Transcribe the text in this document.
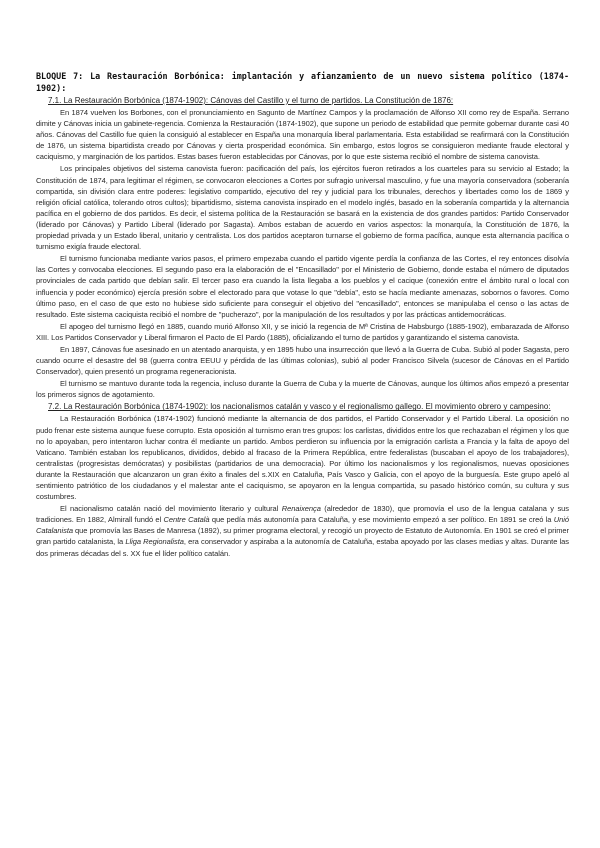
BLOQUE 7: La Restauración Borbónica: implantación y afianzamiento de un nuevo sistema político (1874-1902):

7.1. La Restauración Borbónica (1874-1902): Cánovas del Castillo y el turno de partidos. La Constitución de 1876:

En 1874 vuelven los Borbones, con el pronunciamiento en Sagunto de Martínez Campos y la proclamación de Alfonso XII como rey de España. Serrano dimite y Cánovas inicia un gabinete-regencia. Comienza la Restauración (1874-1902), que supone un periodo de estabilidad que permite gobernar durante casi 40 años. Cánovas del Castillo fue quien la consiguió al establecer en España una monarquía liberal parlamentaria. Esta estabilidad se reafirmará con la Constitución de 1876, un sistema bipartidista creado por Cánovas y cierta prosperidad económica. Sin embargo, estos logros se consiguieron mediante fraude electoral y caciquismo, y marginación de los partidos. Estas bases fueron establecidas por Cánovas, por lo que este sistema recibió el nombre de sistema canovista.

Los principales objetivos del sistema canovista fueron: pacificación del país, los ejércitos fueron retirados a los cuarteles para su servicio al Estado; la Constitución de 1874, para legitimar el régimen, se convocaron elecciones a Cortes por sufragio universal masculino, y fue una mayoría conservadora (soberanía compartida, sin división clara entre poderes: legislativo compartido, ejecutivo del rey y judicial para los tribunales, derechos y libertades como los de 1869 y religión oficial católica, tolerando otros cultos); bipartidismo, sistema canovista inspirado en el modelo inglés, basado en la soberanía compartida y la alternancia pacífica en el gobierno de dos partidos. Es decir, el sistema política de la Restauración se basará en la existencia de dos grandes partidos: Partido Conservador (liderado por Cánovas) y Partido Liberal (liderado por Sagasta). Ambos estaban de acuerdo en varios aspectos: la monarquía, la Constitución de 1876, la propiedad privada y un Estado liberal, unitario y centralista. Los dos partidos aceptaron turnarse el gobierno de forma pacífica, aunque esta alternancia pacífica o turnismo exigía fraude electoral.

El turnismo funcionaba mediante varios pasos, el primero empezaba cuando el partido vigente perdía la confianza de las Cortes, el rey entonces disolvía las Cortes y convocaba elecciones. El segundo paso era la elaboración de el "Encasillado" por el Ministerio de Gobierno, donde estaba el número de diputados provinciales de cada partido que debían salir. El tercer paso era cuando la lista llegaba a los pueblos y el cacique (conexión entre el ámbito rural o local con influencia y poder económico) ejercía presión sobre el electorado para que votase lo que "debía", esto se hacía mediante amenazas, sobornos o favores. Como último paso, en el caso de que esto no hubiese sido suficiente para conseguir el objetivo del "encasillado", entonces se manipulaba el censo o las actas de resultado. Este sistema caciquista recibió el nombre de "pucherazo", por la manipulación de los resultados y por las prácticas antidemocráticas.

El apogeo del turnismo llegó en 1885, cuando murió Alfonso XII, y se inició la regencia de Mª Cristina de Habsburgo (1885-1902), embarazada de Alfonso XIII. Los Partidos Conservador y Liberal firmaron el Pacto de El Pardo (1885), oficializando el turno de partidos y garantizando el sistema canovista.

En 1897, Cánovas fue asesinado en un atentado anarquista, y en 1895 hubo una insurrección que llevó a la Guerra de Cuba. Subió al poder Sagasta, pero cuando ocurre el desastre del 98 (guerra contra EEUU y pérdida de las últimas colonias), subió al poder Francisco Silvela (sucesor de Cánovas en el Partido Conservador), quien presentó un programa regeneracionista.

El turnismo se mantuvo durante toda la regencia, incluso durante la Guerra de Cuba y la muerte de Cánovas, aunque los últimos años empezó a presentar los primeros signos de agotamiento.

7.2. La Restauración Borbónica (1874-1902): los nacionalismos catalán y vasco y el regionalismo gallego. El movimiento obrero y campesino:

La Restauración Borbónica (1874-1902) funcionó mediante la alternancia de dos partidos, el Partido Conservador y el Partido Liberal. La oposición no pudo frenar este sistema aunque fuese corrupto. Esta oposición al turnismo eran tres grupos: los carlistas, divididos entre los que rechazaban el régimen y los que no lo apoyaban, pero intentaron luchar contra él mediante un partido. Ambos perdieron su influencia por la emigración carlista a Francia y la falta de apoyo del Vaticano. También estaban los republicanos, divididos, debido al fracaso de la Primera República, entre federalistas (buscaban el apoyo de los trabajadores), centralistas (progresistas demócratas) y posibilistas (partidarios de una democracia). Por último los nacionalismos y los regionalismos, nuevas oposiciones durante la Restauración que alcanzaron un gran éxito a finales del s.XIX en Cataluña, País Vasco y Galicia, con el apoyo de la burguesía. Este grupo apeló al sentimiento patriótico de los ciudadanos y el malestar ante el caciquismo, se apoyaron en la lengua compartida, su pasado histórico común, su cultura y sus costumbres.

El nacionalismo catalán nació del movimiento literario y cultural Renaixença (alrededor de 1830), que promovía el uso de la lengua catalana y sus tradiciones. En 1882, Almirall fundó el Centre Català que pedía más autonomía para Cataluña, y ese movimiento empezó a ser político. En 1891 se creó la Unió Catalanista que promovía las Bases de Manresa (1892), su primer programa electoral, y recogió un proyecto de Estatuto de Autonomía. En 1901 se creó el primer gran partido catalanista, la Lliga Regionalista, era conservador y aspiraba a la autonomía de Cataluña, estaba apoyado por las clases medias y altas. Durante las dos primeras décadas del s. XX fue el líder político catalán.
